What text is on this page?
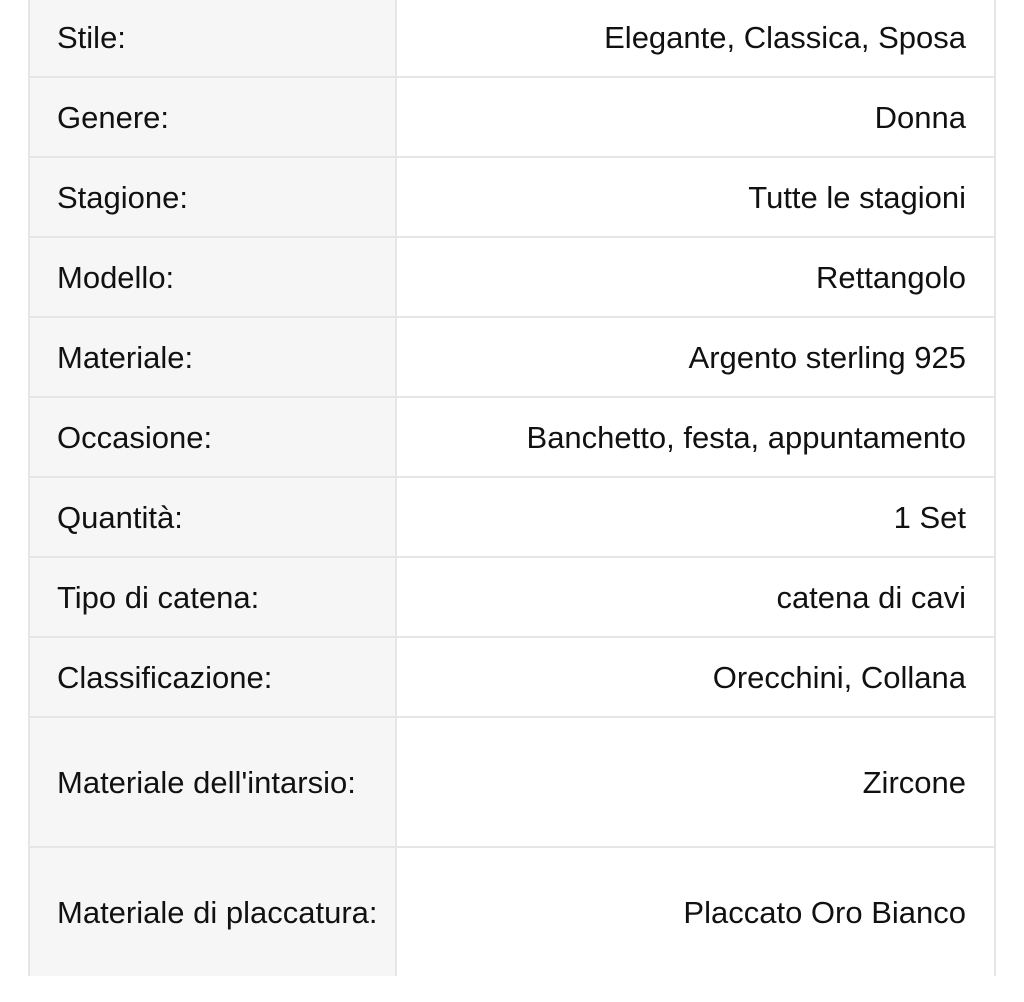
Stile:	Elegante, Classica, Sposa
Genere:	Donna
Stagione:	Tutte le stagioni
Modello:	Rettangolo
Materiale:	Argento sterling 925
Occasione:	Banchetto, festa, appuntamento
Quantità:	1 Set
Tipo di catena:	catena di cavi
Classificazione:	Orecchini, Collana
Materiale dell'intarsio:	Zircone
Materiale di placcatura:	Placcato Oro Bianco
